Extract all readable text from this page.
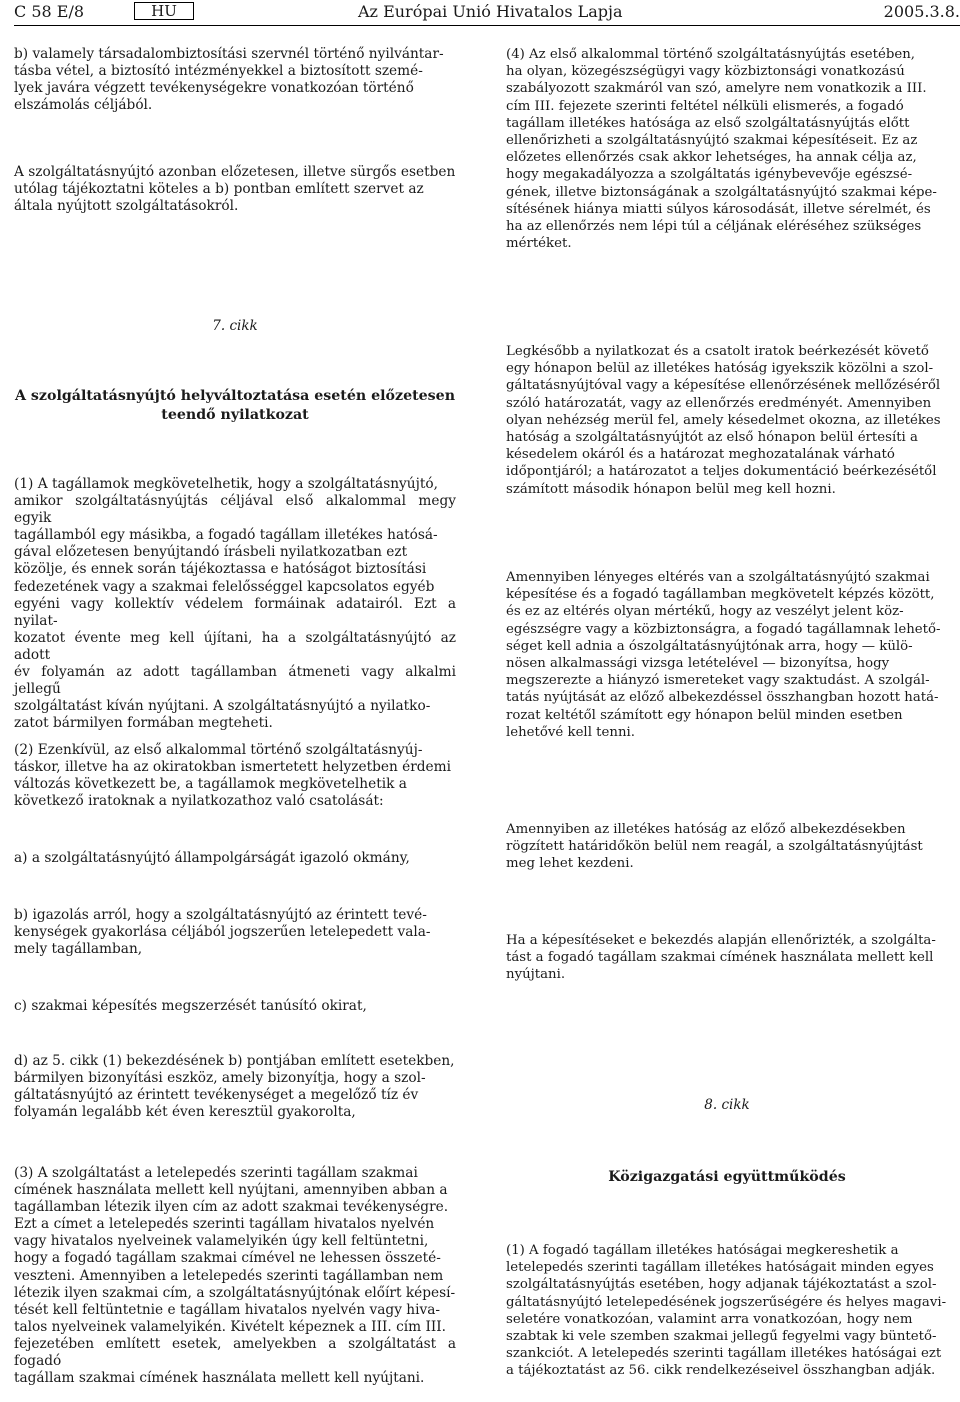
C 58 E/8	HU	Az Európai Unió Hivatalos Lapja	2005.3.8.
b) valamely társadalombiztosítási szervnél történő nyilvántar-
tásba vétel, a biztosító intézményekkel a biztosított szemé-
lyek javára végzett tevékenységekre vonatkozóan történő
elszámolás céljából.
A szolgáltatásnyújtó azonban előzetesen, illetve sürgős esetben
utólag tájékoztatni köteles a b) pontban említett szervet az
általa nyújtott szolgáltatásokról.
7. cikk
A szolgáltatásnyújtó helyváltoztatása esetén előzetesen teendő nyilatkozat
(1) A tagállamok megkövetelhetik, hogy a szolgáltatásnyújtó,
amikor szolgáltatásnyújtás céljával első alkalommal megy egyik
tagállamból egy másikba, a fogadó tagállam illetékes hatósá-
gával előzetesen benyújtandó írásbeli nyilatkozatban ezt
közölje, és ennek során tájékoztassa e hatóságot biztosítási
fedezetének vagy a szakmai felelősséggel kapcsolatos egyéb
egyéni vagy kollektív védelem formáinak adatairól. Ezt a nyilat-
kozatot évente meg kell újítani, ha a szolgáltatásnyújtó az adott
év folyamán az adott tagállamban átmeneti vagy alkalmi jellegű
szolgáltatást kíván nyújtani. A szolgáltatásnyújtó a nyilatko-
zatot bármilyen formában megteheti.
(2) Ezenkívül, az első alkalommal történő szolgáltatásnyúj-
táskor, illetve ha az okiratokban ismertetett helyzetben érdemi
változás következett be, a tagállamok megkövetelhetik a
következő iratoknak a nyilatkozathoz való csatolását:
a) a szolgáltatásnyújtó állampolgárságát igazoló okmány,
b) igazolás arról, hogy a szolgáltatásnyújtó az érintett tevé-
kenységek gyakorlása céljából jogszerűen letelepedett vala-
mely tagállamban,
c) szakmai képesítés megszerzését tanúsító okirat,
d) az 5. cikk (1) bekezdésének b) pontjában említett esetekben,
bármilyen bizonyítási eszköz, amely bizonyítja, hogy a szol-
gáltatásnyújtó az érintett tevékenységet a megelőző tíz év
folyamán legalább két éven keresztül gyakorolta,
(3) A szolgáltatást a letelepedés szerinti tagállam szakmai
címének használata mellett kell nyújtani, amennyiben abban a
tagállamban létezik ilyen cím az adott szakmai tevékenységre.
Ezt a címet a letelepedés szerinti tagállam hivatalos nyelvén
vagy hivatalos nyelveinek valamelyikén úgy kell feltüntetni,
hogy a fogadó tagállam szakmai címével ne lehessen összeté-
veszteni. Amennyiben a letelepedés szerinti tagállamban nem
létezik ilyen szakmai cím, a szolgáltatásnyújtónak előírt képesí-
tését kell feltüntetnie e tagállam hivatalos nyelvén vagy hiva-
talos nyelveinek valamelyikén. Kivételt képeznek a III. cím III.
fejezetében említett esetek, amelyekben a szolgáltatást a fogadó
tagállam szakmai címének használata mellett kell nyújtani.
(4) Az első alkalommal történő szolgáltatásnyújtás esetében,
ha olyan, közegészségügyi vagy közbiztonsági vonatkozású
szabályozott szakmáról van szó, amelyre nem vonatkozik a III.
cím III. fejezete szerinti feltétel nélküli elismerés, a fogadó
tagállam illetékes hatósága az első szolgáltatásnyújtás előtt
ellenőrizheti a szolgáltatásnyújtó szakmai képesítéseit. Ez az
előzetes ellenőrzés csak akkor lehetséges, ha annak célja az,
hogy megakadályozza a szolgáltatás igénybevevője egészsé-
gének, illetve biztonságának a szolgáltatásnyújtó szakmai képe-
sítésének hiánya miatti súlyos károsodását, illetve sérelmét, és
ha az ellenőrzés nem lépi túl a céljának eléréséhez szükséges
mértéket.
Legkésőbb a nyilatkozat és a csatolt iratok beérkezését követő
egy hónapon belül az illetékes hatóság igyekszik közölni a szol-
gáltatásnyújtóval vagy a képesítése ellenőrzésének mellőzéséről
szóló határozatát, vagy az ellenőrzés eredményét. Amennyiben
olyan nehézség merül fel, amely késedelmet okozna, az illetékes
hatóság a szolgáltatásnyújtót az első hónapon belül értesíti a
késedelem okáról és a határozat meghozatalának várható
időpontjáról; a határozatot a teljes dokumentáció beérkezésétől
számított második hónapon belül meg kell hozni.
Amennyiben lényeges eltérés van a szolgáltatásnyújtó szakmai
képesítése és a fogadó tagállamban megkövetelt képzés között,
és ez az eltérés olyan mértékű, hogy az veszélyt jelent köz-
egészségre vagy a közbiztonságra, a fogadó tagállamnak lehető-
séget kell adnia a ószolgáltatásnyújtónak arra, hogy — külö-
nösen alkalmassági vizsga letételével — bizonyítsa, hogy
megszerezte a hiányzó ismereteket vagy szaktudást. A szolgál-
tatás nyújtását az előző albekezdéssel összhangban hozott hatá-
rozat keltétől számított egy hónapon belül minden esetben
lehetővé kell tenni.
Amennyiben az illetékes hatóság az előző albekezdésekben
rögzített határidőkön belül nem reagál, a szolgáltatásnyújtást
meg lehet kezdeni.
Ha a képesítéseket e bekezdés alapján ellenőrizték, a szolgálta-
tást a fogadó tagállam szakmai címének használata mellett kell
nyújtani.
8. cikk
Közigazgatási együttműködés
(1) A fogadó tagállam illetékes hatóságai megkereshetik a
letelepedés szerinti tagállam illetékes hatóságait minden egyes
szolgáltatásnyújtás esetében, hogy adjanak tájékoztatást a szol-
gáltatásnyújtó letelepedésének jogszerűségére és helyes magavi-
seletére vonatkozóan, valamint arra vonatkozóan, hogy nem
szabtak ki vele szemben szakmai jellegű fegyelmi vagy büntető-
szankciót. A letelepedés szerinti tagállam illetékes hatóságai ezt
a tájékoztatást az 56. cikk rendelkezéseivel összhangban adják.
